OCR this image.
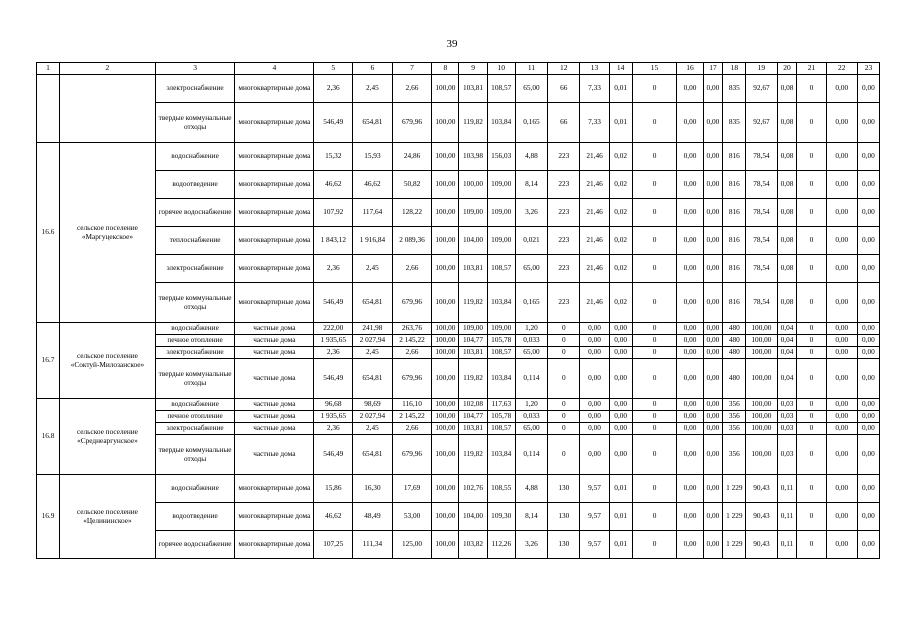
39
1	2	3	4	5	6	7	8	9	10	11	12	13	14	15	16	17	18	19	20	21	22	23
		электроснабжение	многоквартирные дома	2,36	2,45	2,66	100,00	103,81	108,57	65,00	66	7,33	0,01	0	0,00	0,00	835	92,67	0,08	0	0,00	0,00
		твердые коммунальные отходы	многоквартирные дома	546,49	654,81	679,96	100,00	119,82	103,84	0,165	66	7,33	0,01	0	0,00	0,00	835	92,67	0,08	0	0,00	0,00
16.6	сельское поселение «Маргуцекское»	водоснабжение	многоквартирные дома	15,32	15,93	24,86	100,00	103,98	156,03	4,88	223	21,46	0,02	0	0,00	0,00	816	78,54	0,08	0	0,00	0,00
		водоотведение	многоквартирные дома	46,62	46,62	50,82	100,00	100,00	109,00	8,14	223	21,46	0,02	0	0,00	0,00	816	78,54	0,08	0	0,00	0,00
		горячее водоснабжение	многоквартирные дома	107,92	117,64	128,22	100,00	109,00	109,00	3,26	223	21,46	0,02	0	0,00	0,00	816	78,54	0,08	0	0,00	0,00
		теплоснабжение	многоквартирные дома	1 843,12	1 916,84	2 089,36	100,00	104,00	109,00	0,021	223	21,46	0,02	0	0,00	0,00	816	78,54	0,08	0	0,00	0,00
		электроснабжение	многоквартирные дома	2,36	2,45	2,66	100,00	103,81	108,57	65,00	223	21,46	0,02	0	0,00	0,00	816	78,54	0,08	0	0,00	0,00
		твердые коммунальные отходы	многоквартирные дома	546,49	654,81	679,96	100,00	119,82	103,84	0,165	223	21,46	0,02	0	0,00	0,00	816	78,54	0,08	0	0,00	0,00
16.7	сельское поселение «Соктуй-Милозанское»	водоснабжение	частные дома	222,00	241,98	263,76	100,00	109,00	109,00	1,20	0	0,00	0,00	0	0,00	0,00	480	100,00	0,04	0	0,00	0,00
		печное отопление	частные дома	1 935,65	2 027,94	2 145,22	100,00	104,77	105,78	0,033	0	0,00	0,00	0	0,00	0,00	480	100,00	0,04	0	0,00	0,00
		электроснабжение	частные дома	2,36	2,45	2,66	100,00	103,81	108,57	65,00	0	0,00	0,00	0	0,00	0,00	480	100,00	0,04	0	0,00	0,00
		твердые коммунальные отходы	частные дома	546,49	654,81	679,96	100,00	119,82	103,84	0,114	0	0,00	0,00	0	0,00	0,00	480	100,00	0,04	0	0,00	0,00
16.8	сельское поселение «Среднеаргунское»	водоснабжение	частные дома	96,68	98,69	116,10	100,00	102,08	117,63	1,20	0	0,00	0,00	0	0,00	0,00	356	100,00	0,03	0	0,00	0,00
		печное отопление	частные дома	1 935,65	2 027,94	2 145,22	100,00	104,77	105,78	0,033	0	0,00	0,00	0	0,00	0,00	356	100,00	0,03	0	0,00	0,00
		электроснабжение	частные дома	2,36	2,45	2,66	100,00	103,81	108,57	65,00	0	0,00	0,00	0	0,00	0,00	356	100,00	0,03	0	0,00	0,00
		твердые коммунальные отходы	частные дома	546,49	654,81	679,96	100,00	119,82	103,84	0,114	0	0,00	0,00	0	0,00	0,00	356	100,00	0,03	0	0,00	0,00
16.9	сельское поселение «Целининское»	водоснабжение	многоквартирные дома	15,86	16,30	17,69	100,00	102,76	108,55	4,88	130	9,57	0,01	0	0,00	0,00	1 229	90,43	0,11	0	0,00	0,00
		водоотведение	многоквартирные дома	46,62	48,49	53,00	100,00	104,00	109,30	8,14	130	9,57	0,01	0	0,00	0,00	1 229	90,43	0,11	0	0,00	0,00
		горячее водоснабжение	многоквартирные дома	107,25	111,34	125,00	100,00	103,82	112,26	3,26	130	9,57	0,01	0	0,00	0,00	1 229	90,43	0,11	0	0,00	0,00
